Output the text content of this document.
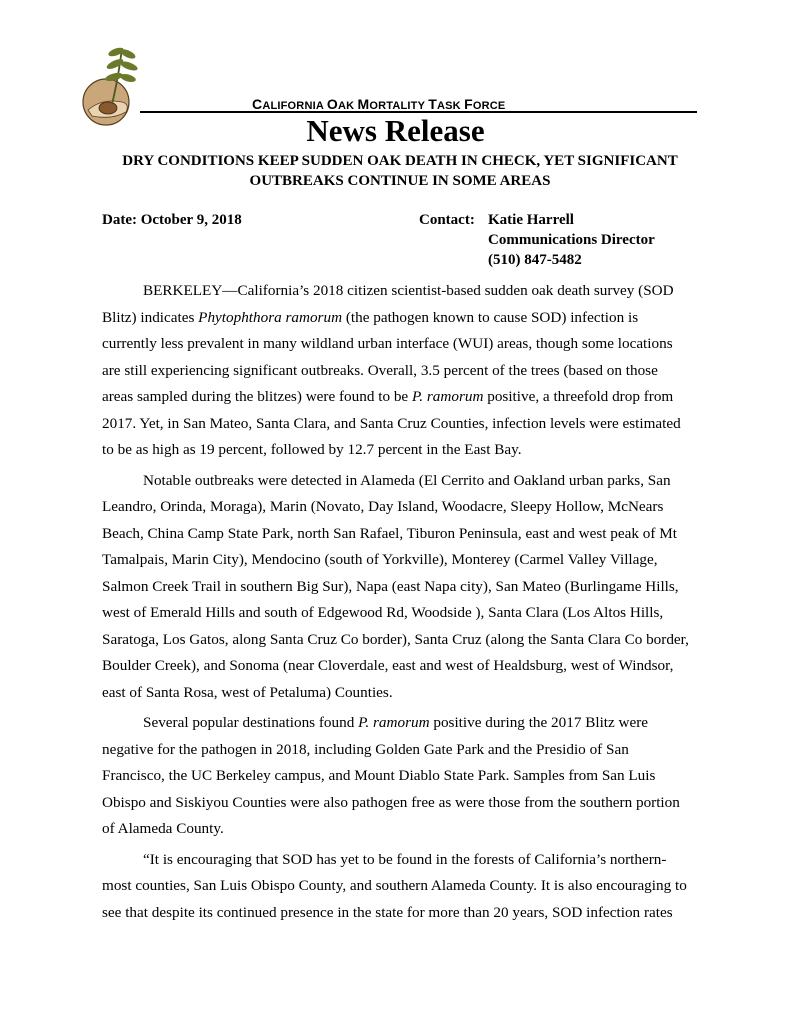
CALIFORNIA OAK MORTALITY TASK FORCE
News Release
DRY CONDITIONS KEEP SUDDEN OAK DEATH IN CHECK, YET SIGNIFICANT
OUTBREAKS CONTINUE IN SOME AREAS
Date: October 9, 2018	Contact: Katie Harrell
Communications Director
(510) 847-5482

BERKELEY—California’s 2018 citizen scientist-based sudden oak death survey (SOD Blitz) indicates Phytophthora ramorum (the pathogen known to cause SOD) infection is currently less prevalent in many wildland urban interface (WUI) areas, though some locations are still experiencing significant outbreaks. Overall, 3.5 percent of the trees (based on those areas sampled during the blitzes) were found to be P. ramorum positive, a threefold drop from 2017. Yet, in San Mateo, Santa Clara, and Santa Cruz Counties, infection levels were estimated to be as high as 19 percent, followed by 12.7 percent in the East Bay.

Notable outbreaks were detected in Alameda (El Cerrito and Oakland urban parks, San Leandro, Orinda, Moraga), Marin (Novato, Day Island, Woodacre, Sleepy Hollow, McNears Beach, China Camp State Park, north San Rafael, Tiburon Peninsula, east and west peak of Mt Tamalpais, Marin City), Mendocino (south of Yorkville), Monterey (Carmel Valley Village, Salmon Creek Trail in southern Big Sur), Napa (east Napa city), San Mateo (Burlingame Hills, west of Emerald Hills and south of Edgewood Rd, Woodside ), Santa Clara (Los Altos Hills, Saratoga, Los Gatos, along Santa Cruz Co border), Santa Cruz (along the Santa Clara Co border, Boulder Creek), and Sonoma (near Cloverdale, east and west of Healdsburg, west of Windsor, east of Santa Rosa, west of Petaluma) Counties.

Several popular destinations found P. ramorum positive during the 2017 Blitz were negative for the pathogen in 2018, including Golden Gate Park and the Presidio of San Francisco, the UC Berkeley campus, and Mount Diablo State Park. Samples from San Luis Obispo and Siskiyou Counties were also pathogen free as were those from the southern portion of Alameda County.

“It is encouraging that SOD has yet to be found in the forests of California’s northern-most counties, San Luis Obispo County, and southern Alameda County. It is also encouraging to see that despite its continued presence in the state for more than 20 years, SOD infection rates
